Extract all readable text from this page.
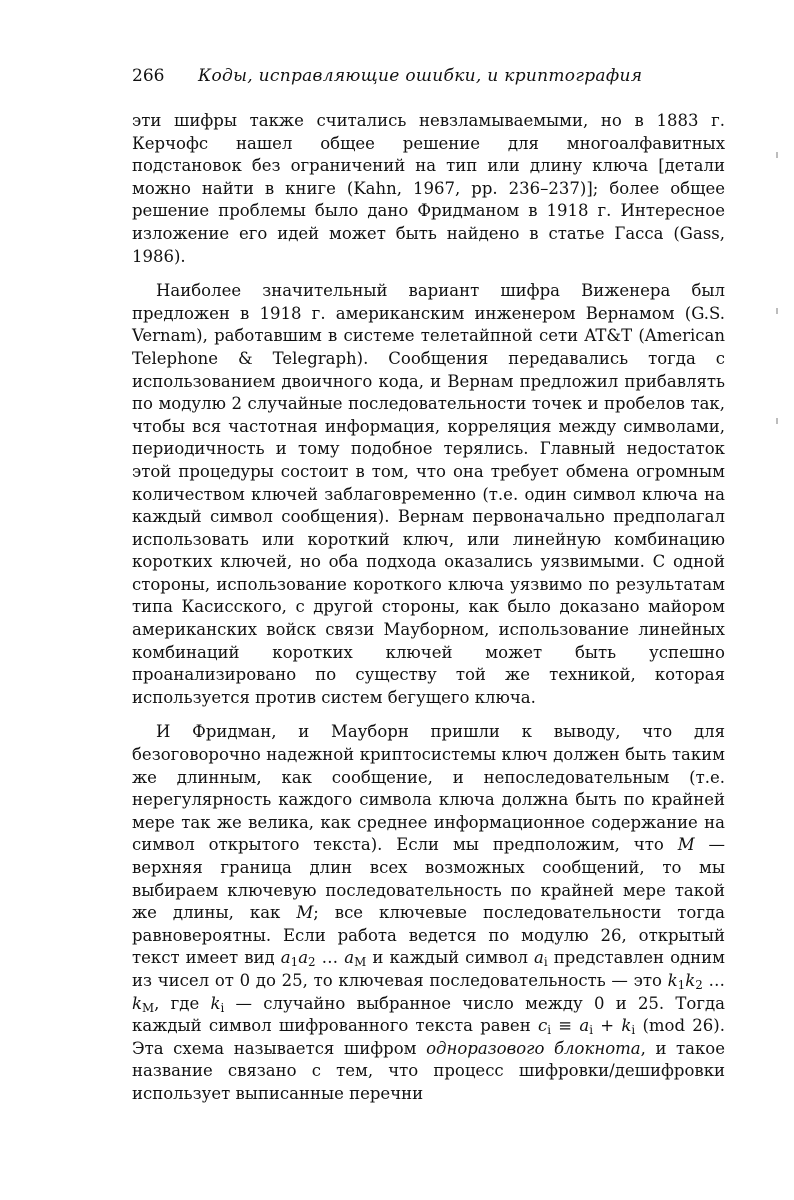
266	Коды, исправляющие ошибки, и криптография

эти шифры также считались невзламываемыми, но в 1883 г. Керчофс нашел общее решение для многоалфавитных подстановок без ограничений на тип или длину ключа [детали можно найти в книге (Kahn, 1967, pp. 236–237)]; более общее решение проблемы было дано Фридманом в 1918 г. Интересное изложение его идей может быть найдено в статье Гасса (Gass, 1986).

Наиболее значительный вариант шифра Виженера был предложен в 1918 г. американским инженером Вернамом (G.S. Vernam), работавшим в системе телетайпной сети AT&T (American Telephone & Telegraph). Сообщения передавались тогда с использованием двоичного кода, и Вернам предложил прибавлять по модулю 2 случайные последовательности точек и пробелов так, чтобы вся частотная информация, корреляция между символами, периодичность и тому подобное терялись. Главный недостаток этой процедуры состоит в том, что она требует обмена огромным количеством ключей заблаговременно (т.е. один символ ключа на каждый символ сообщения). Вернам первоначально предполагал использовать или короткий ключ, или линейную комбинацию коротких ключей, но оба подхода оказались уязвимыми. С одной стороны, использование короткого ключа уязвимо по результатам типа Касисского, с другой стороны, как было доказано майором американских войск связи Мауборном, использование линейных комбинаций коротких ключей может быть успешно проанализировано по существу той же техникой, которая используется против систем бегущего ключа.

И Фридман, и Мауборн пришли к выводу, что для безоговорочно надежной криптосистемы ключ должен быть таким же длинным, как сообщение, и непоследовательным (т.е. нерегулярность каждого символа ключа должна быть по крайней мере так же велика, как среднее информационное содержание на символ открытого текста). Если мы предположим, что M — верхняя граница длин всех возможных сообщений, то мы выбираем ключевую последовательность по крайней мере такой же длины, как M; все ключевые последовательности тогда равновероятны. Если работа ведется по модулю 26, открытый текст имеет вид $a_1a_2$ … $a_M$ и каждый символ $a_i$ представлен одним из чисел от 0 до 25, то ключевая последовательность — это $k_1k_2$ … $k_M$, где $k_i$ — случайно выбранное число между 0 и 25. Тогда каждый символ шифрованного текста равен $c_i \equiv a_i + k_i$ (mod 26). Эта схема называется шифром одноразового блокнота, и такое название связано с тем, что процесс шифровки/дешифровки использует выписанные перечни
